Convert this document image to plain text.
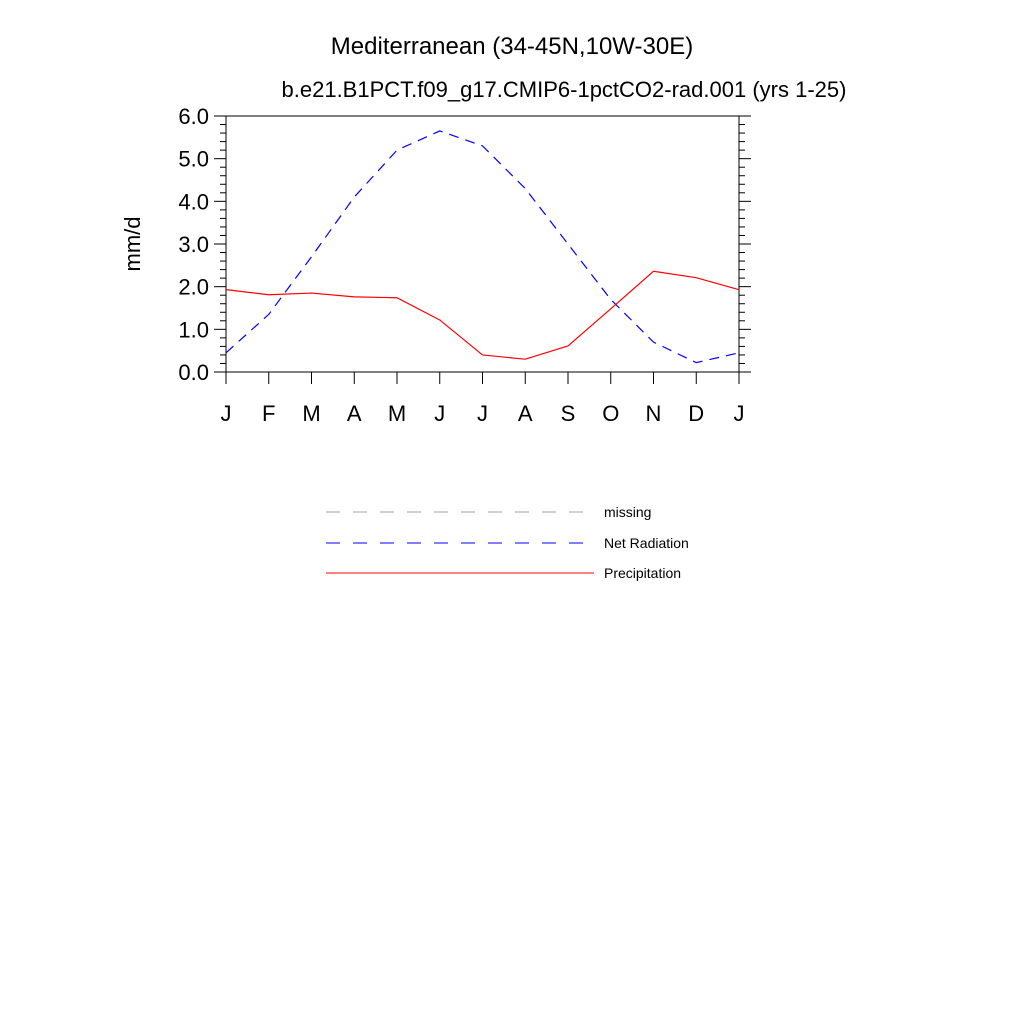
Mediterranean (34-45N,10W-30E)
b.e21.B1PCT.f09_g17.CMIP6-1pctCO2-rad.001 (yrs 1-25)
mm/d
0.0
1.0
2.0
3.0
4.0
5.0
6.0
J F M A M J J A S O N D J
missing
Net Radiation
Precipitation
